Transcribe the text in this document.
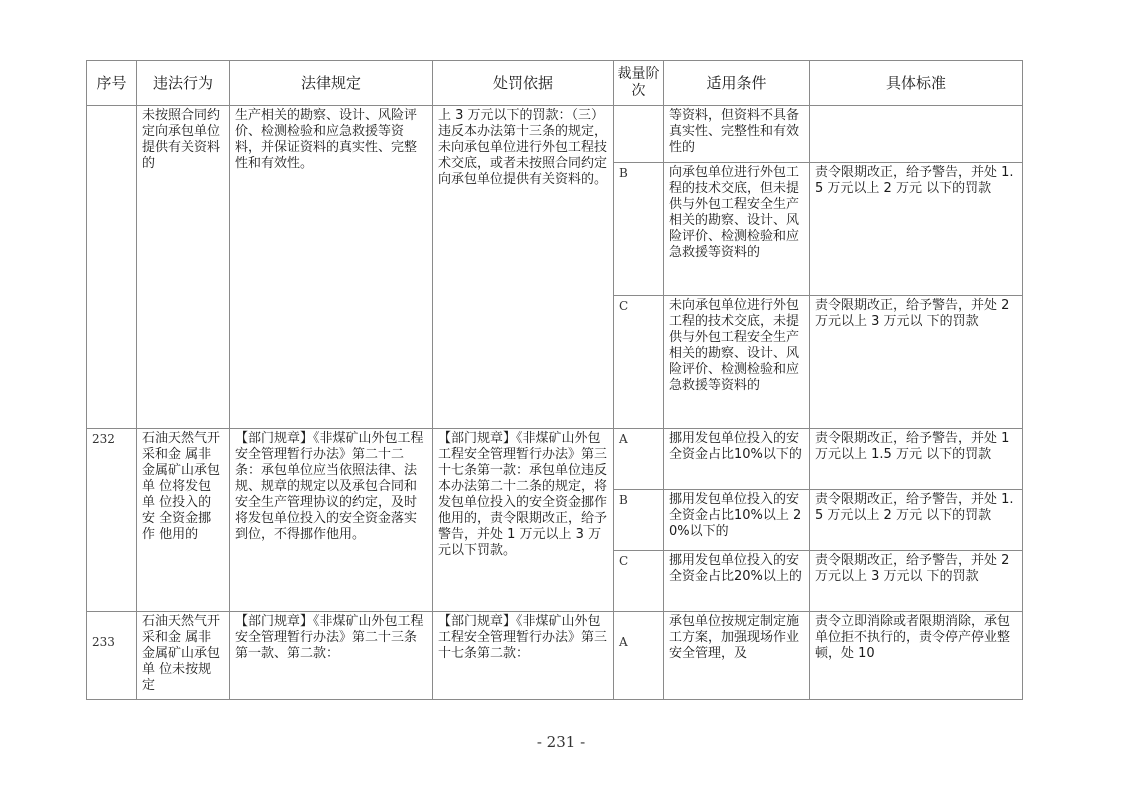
序号	违法行为	法律规定	处罚依据	裁量阶次	适用条件	具体标准
	未按照合同约定向承包单位提供有关资料的	生产相关的勘察、设计、风险评价、检测检验和应急救援等资料，并保证资料的真实性、完整性和有效性。	上 3 万元以下的罚款：（三）违反本办法第十三条的规定，未向承包单位进行外包工程技术交底，或者未按照合同约定向承包单位提供有关资料的。		等资料，但资料不具备真实性、完整性和有效性的	
				B	向承包单位进行外包工程的技术交底，但未提供与外包工程安全生产相关的勘察、设计、风险评价、检测检验和应急救援等资料的	责令限期改正，给予警告，并处 1.5 万元以上 2 万元 以下的罚款
				C	未向承包单位进行外包工程的技术交底，未提供与外包工程安全生产相关的勘察、设计、风险评价、检测检验和应急救援等资料的	责令限期改正，给予警告，并处 2 万元以上 3 万元以 下的罚款
232	石油天然气开采和金 属非金属矿山承包单 位将发包单 位投入的安 全资金挪作 他用的	【部门规章】《非煤矿山外包工程安全管理暂行办法》第二十二条：承包单位应当依照法律、法规、规章的规定以及承包合同和安全生产管理协议的约定，及时将发包单位投入的安全资金落实到位，不得挪作他用。	【部门规章】《非煤矿山外包工程安全管理暂行办法》第三十七条第一款：承包单位违反本办法第二十二条的规定，将发包单位投入的安全资金挪作他用的，责令限期改正，给予警告，并处 1 万元以上 3 万元以下罚款。	A	挪用发包单位投入的安全资金占比10%以下的	责令限期改正，给予警告，并处 1 万元以上 1.5 万元 以下的罚款
				B	挪用发包单位投入的安全资金占比10%以上 20%以下的	责令限期改正，给予警告，并处 1.5 万元以上 2 万元 以下的罚款
				C	挪用发包单位投入的安全资金占比20%以上的	责令限期改正，给予警告，并处 2 万元以上 3 万元以 下的罚款
233	石油天然气开采和金 属非金属矿山承包单 位未按规定	【部门规章】《非煤矿山外包工程安全管理暂行办法》第二十三条第一款、第二款：	【部门规章】《非煤矿山外包工程安全管理暂行办法》第三十七条第二款：	A	承包单位按规定制定施工方案，加强现场作业安全管理，及	责令立即消除或者限期消除，承包单位拒不执行的，责令停产停业整顿，处 10
- 231 -
